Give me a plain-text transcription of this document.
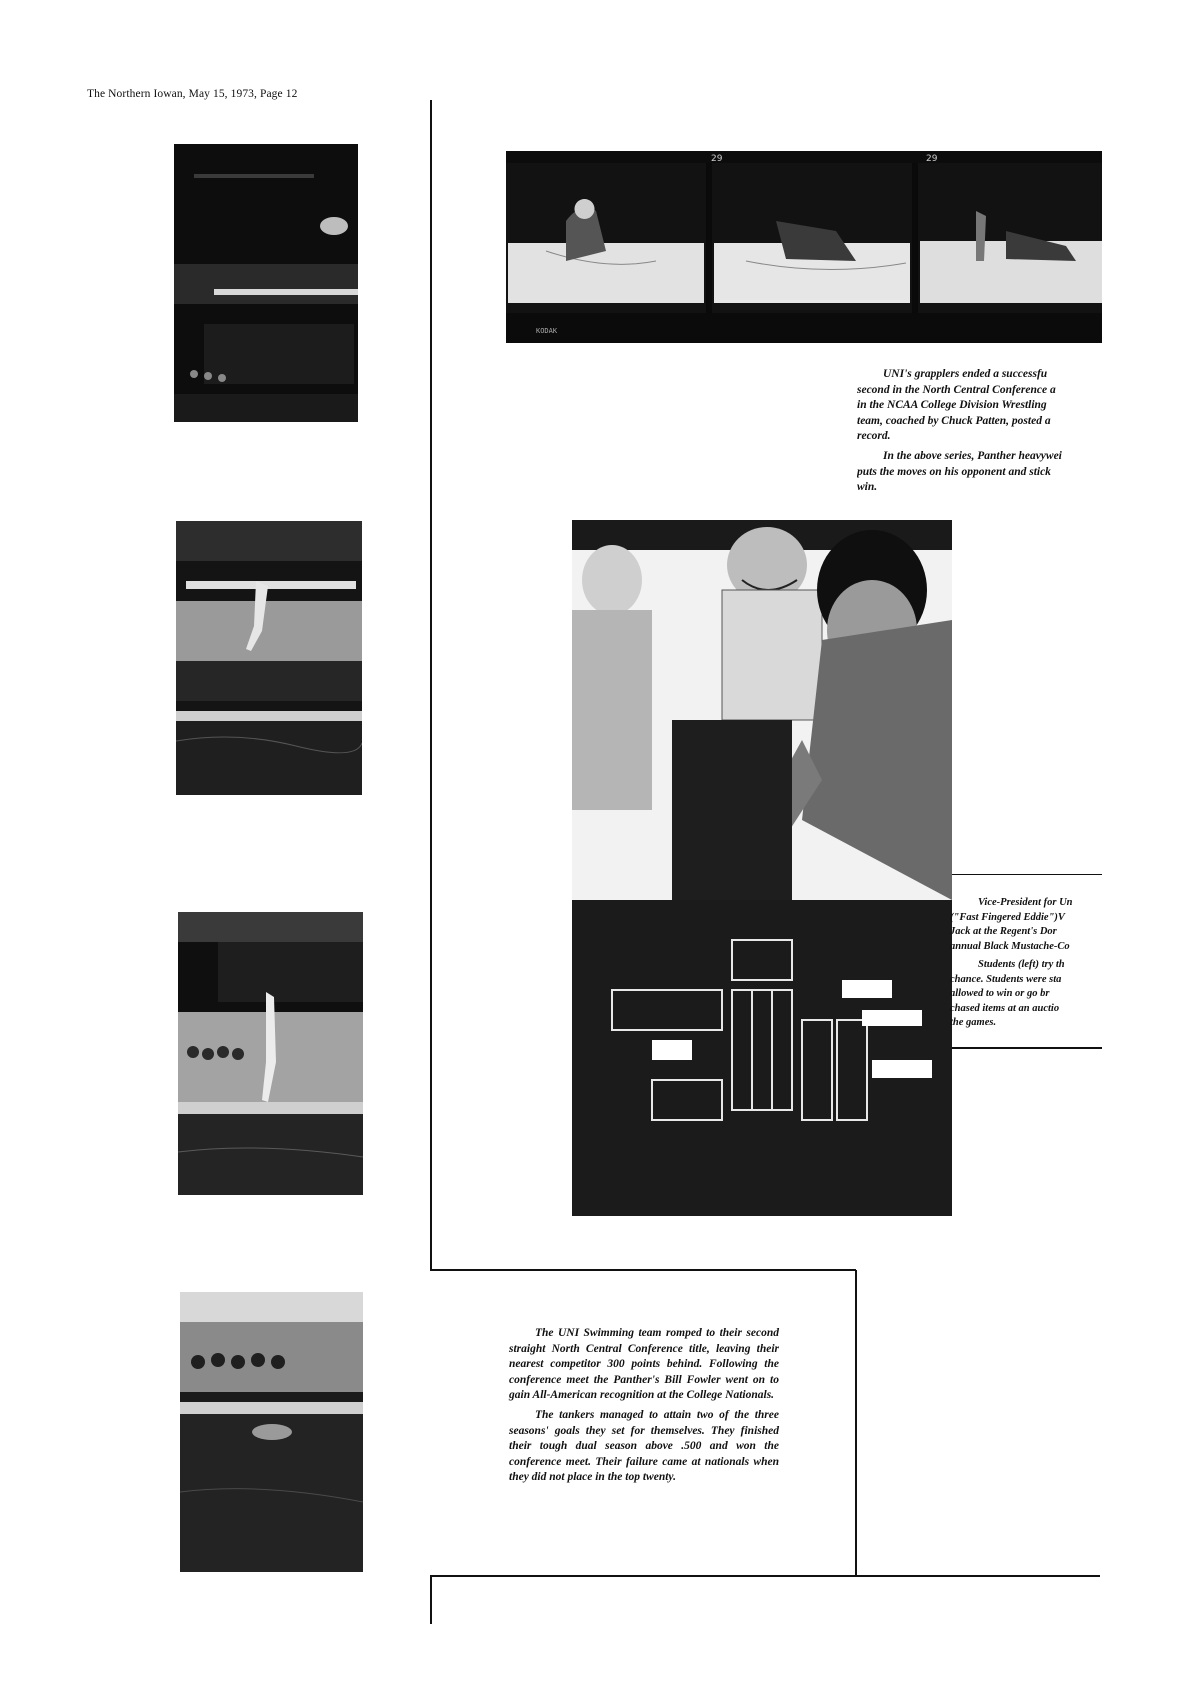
The Northern Iowan, May 15, 1973, Page 12
KODAK
29	29

UNI's grapplers ended a successfu

second in the North Central Conference a

in the NCAA College Division Wrestling

team, coached by Chuck Patten, posted a

record.

In the above series, Panther heavywei

puts the moves on his opponent and stick

win.

Vice-President for Un
("Fast Fingered Eddie")V
Jack at the Regent's Dor
annual Black Mustache-Co
Students (left) try th
chance. Students were sta
allowed to win or go br
chased items at an auctio
the games.

The UNI Swimming team romped to their second straight North Central Conference title, leaving their nearest competitor 300 points behind. Following the conference meet the Panther's Bill Fowler went on to gain All-American recognition at the College Nationals.

The tankers managed to attain two of the three seasons' goals they set for themselves. They finished their tough dual season above .500 and won the conference meet. Their failure came at nationals when they did not place in the top twenty.
